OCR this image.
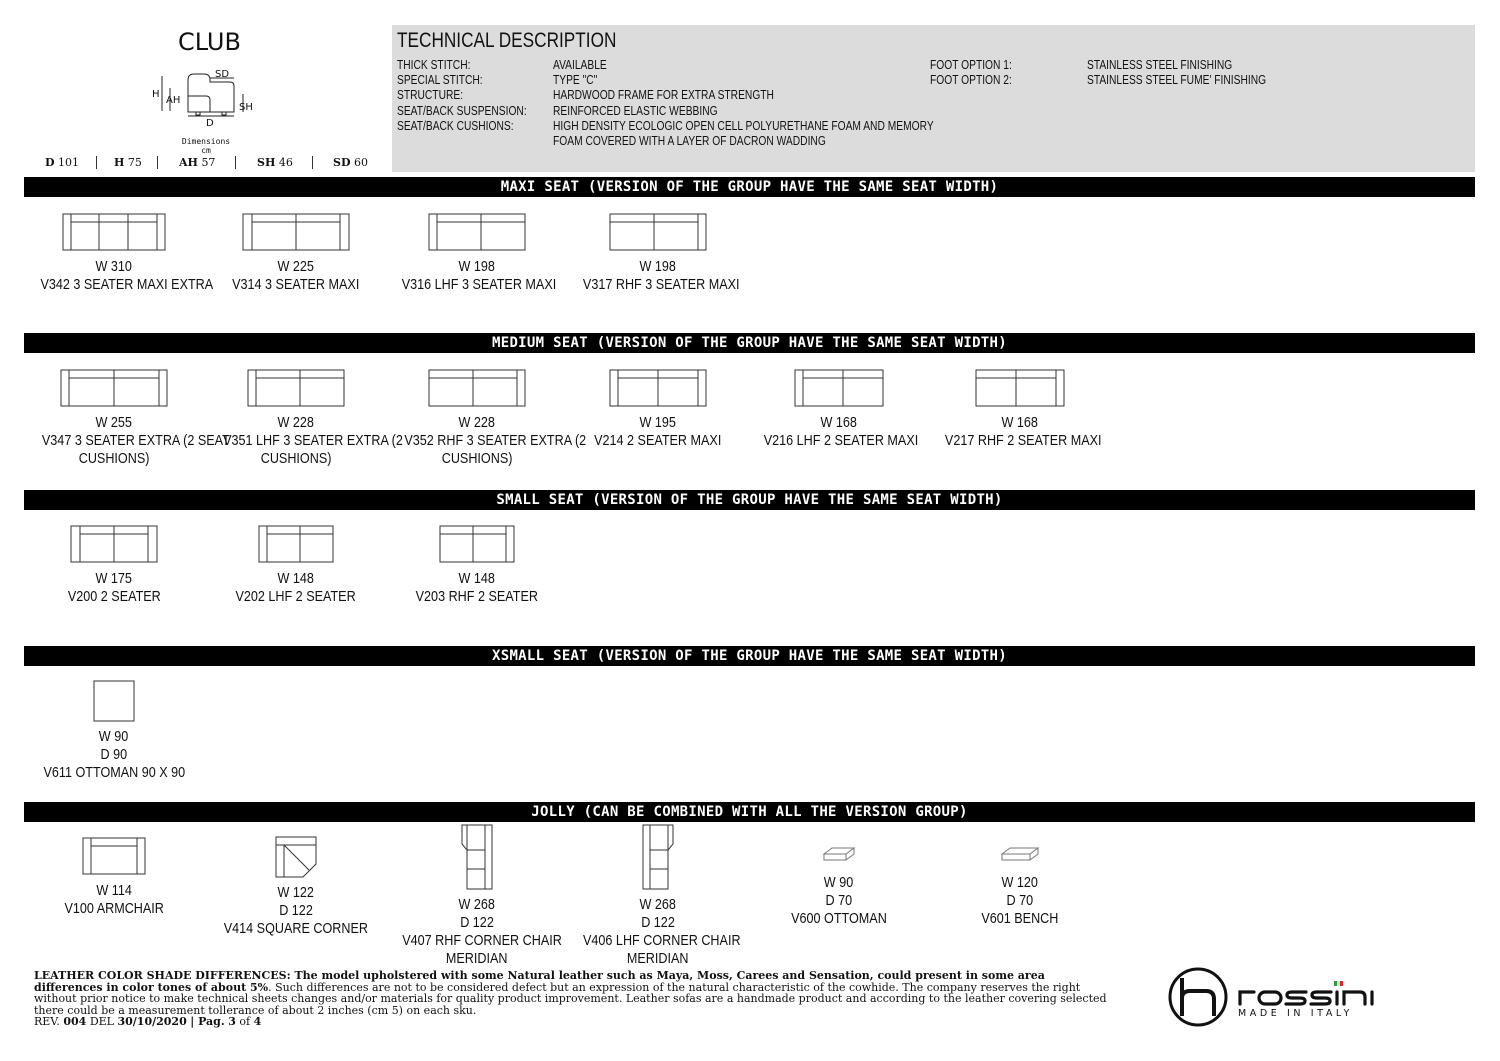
CLUB
H
AH
SD
SH
D
Dimensions
cm
D 101	H 75	AH 57	SH 46	SD 60
TECHNICAL DESCRIPTION
THICK STITCH:	AVAILABLE
SPECIAL STITCH:	TYPE "C"
STRUCTURE:	HARDWOOD FRAME FOR EXTRA STRENGTH
SEAT/BACK SUSPENSION: REINFORCED ELASTIC WEBBING
SEAT/BACK CUSHIONS:	HIGH DENSITY ECOLOGIC OPEN CELL POLYURETHANE FOAM AND MEMORY
FOAM COVERED WITH A LAYER OF DACRON WADDING
FOOT OPTION 1:	STAINLESS STEEL FINISHING
FOOT OPTION 2:	STAINLESS STEEL FUME' FINISHING
MAXI SEAT (VERSION OF THE GROUP HAVE THE SAME SEAT WIDTH)
MEDIUM SEAT (VERSION OF THE GROUP HAVE THE SAME SEAT WIDTH)
SMALL SEAT (VERSION OF THE GROUP HAVE THE SAME SEAT WIDTH)
XSMALL SEAT (VERSION OF THE GROUP HAVE THE SAME SEAT WIDTH)
JOLLY (CAN BE COMBINED WITH ALL THE VERSION GROUP)
W 310
V342 3 SEATER MAXI EXTRA
W 225
V314 3 SEATER MAXI
W 198
V316 LHF 3 SEATER MAXI
W 198
V317 RHF 3 SEATER MAXI
W 255
V347 3 SEATER EXTRA (2 SEAT
CUSHIONS)
W 228
V351 LHF 3 SEATER EXTRA (2
CUSHIONS)
W 228
V352 RHF 3 SEATER EXTRA (2
CUSHIONS)
W 195
V214 2 SEATER MAXI
W 168
V216 LHF 2 SEATER MAXI
W 168
V217 RHF 2 SEATER MAXI
W 175
V200 2 SEATER
W 148
V202 LHF 2 SEATER
W 148
V203 RHF 2 SEATER
W 90
D 90
V611 OTTOMAN 90 X 90
W 114
V100 ARMCHAIR
W 122
D 122
V414 SQUARE CORNER
W 268
D 122
V407 RHF CORNER CHAIR
MERIDIAN
W 268
D 122
V406 LHF CORNER CHAIR
MERIDIAN
W 90
D 70
V600 OTTOMAN
W 120
D 70
V601 BENCH
LEATHER COLOR SHADE DIFFERENCES: The model upholstered with some Natural leather such as Maya, Moss, Carees and Sensation, could present in some area differences in color tones of about 5%. Such differences are not to be considered defect but an expression of the natural characteristic of the cowhide. The company reserves the right without prior notice to make technical sheets changes and/or materials for quality product improvement. Leather sofas are a handmade product and according to the leather covering selected there could be a measurement tollerance of about 2 inches (cm 5) on each sku.
REV. 004 DEL 30/10/2020 | Pag. 3 of 4
MADE IN ITALY
